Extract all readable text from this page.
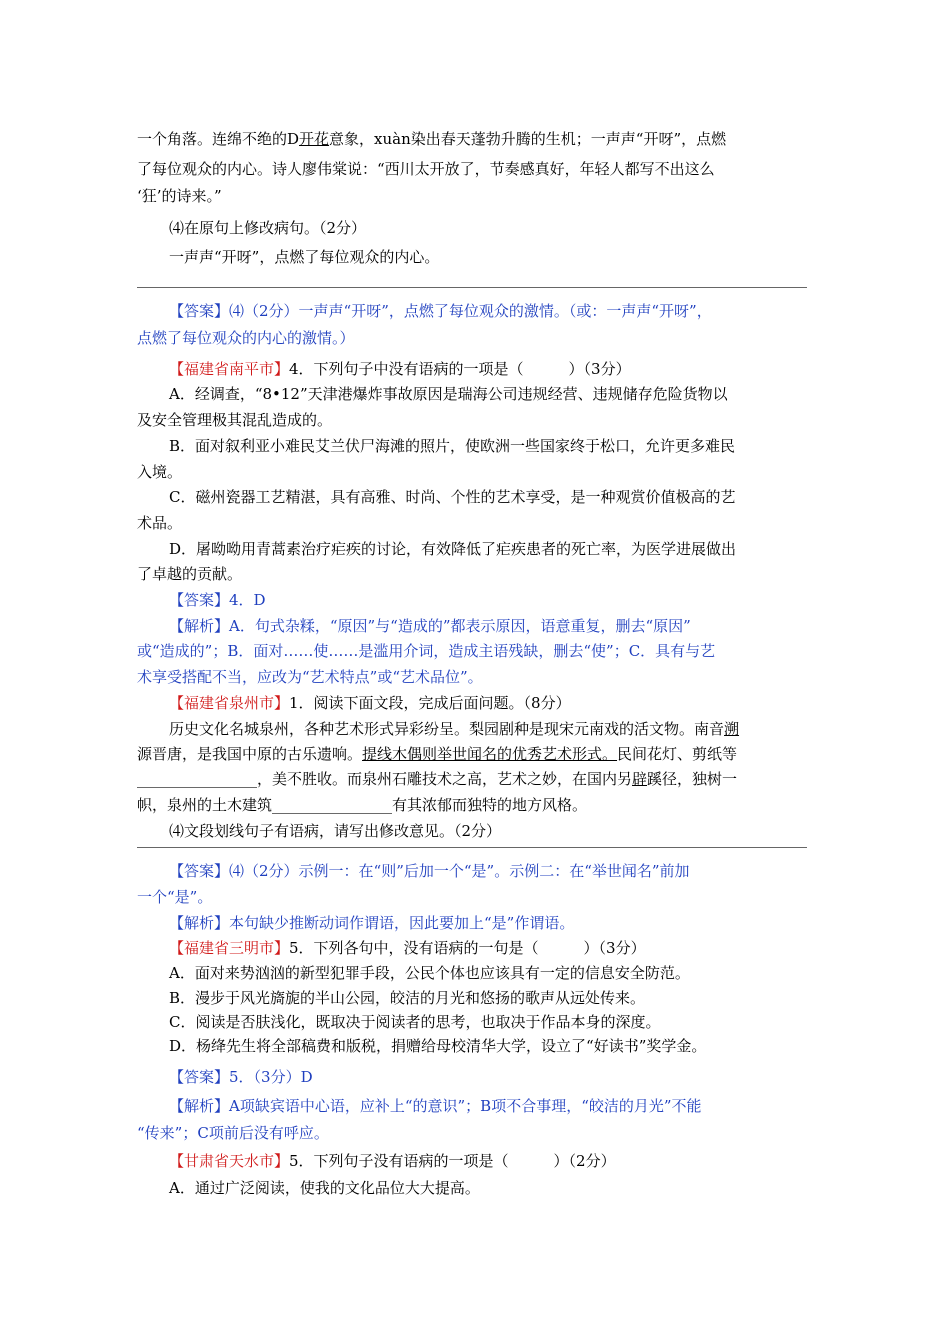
一个角落。连绵不绝的D开花意象，xuàn染出春天蓬勃升腾的生机；一声声“开呀”，点燃
了每位观众的内心。诗人廖伟棠说：“西川太开放了，节奏感真好，年轻人都写不出这么
‘狂’的诗来。”
⑷在原句上修改病句。（2分）
一声声“开呀”，点燃了每位观众的内心。
【答案】⑷（2分）一声声“开呀”，点燃了每位观众的激情。（或：一声声“开呀”，
点燃了每位观众的内心的激情。）
【福建省南平市】4．下列句子中没有语病的一项是（　　　）（3分）
A．经调查，“8•12”天津港爆炸事故原因是瑞海公司违规经营、违规储存危险货物以
及安全管理极其混乱造成的。
B．面对叙利亚小难民艾兰伏尸海滩的照片，使欧洲一些国家终于松口，允许更多难民
入境。
C．磁州瓷器工艺精湛，具有高雅、时尚、个性的艺术享受，是一种观赏价值极高的艺
术品。
D．屠呦呦用青蒿素治疗疟疾的讨论，有效降低了疟疾患者的死亡率，为医学进展做出
了卓越的贡献。
【答案】4．D
【解析】A．句式杂糅，“原因”与“造成的”都表示原因，语意重复，删去“原因”
或“造成的”；B．面对……使……是滥用介词，造成主语残缺，删去“使”；C．具有与艺
术享受搭配不当，应改为“艺术特点”或“艺术品位”。
【福建省泉州市】1．阅读下面文段，完成后面问题。（8分）
历史文化名城泉州，各种艺术形式异彩纷呈。梨园剧种是现宋元南戏的活文物。南音溯
源晋唐，是我国中原的古乐遗响。提线木偶则举世闻名的优秀艺术形式。民间花灯、剪纸等
________________，美不胜收。而泉州石雕技术之高，艺术之妙，在国内另辟蹊径，独树一
帜，泉州的土木建筑________________有其浓郁而独特的地方风格。
⑷文段划线句子有语病，请写出修改意见。（2分）
【答案】⑷（2分）示例一：在“则”后加一个“是”。示例二：在“举世闻名”前加
一个“是”。
【解析】本句缺少推断动词作谓语，因此要加上“是”作谓语。
【福建省三明市】5．下列各句中，没有语病的一句是（　　　）（3分）
A．面对来势汹汹的新型犯罪手段，公民个体也应该具有一定的信息安全防范。
B．漫步于风光旖旎的半山公园，皎洁的月光和悠扬的歌声从远处传来。
C．阅读是否肤浅化，既取决于阅读者的思考，也取决于作品本身的深度。
D．杨绛先生将全部稿费和版税，捐赠给母校清华大学，设立了“好读书”奖学金。
【答案】5．（3分）D
【解析】A项缺宾语中心语，应补上“的意识”；B项不合事理，“皎洁的月光”不能
“传来”；C项前后没有呼应。
【甘肃省天水市】5．下列句子没有语病的一项是（　　　）（2分）
A．通过广泛阅读，使我的文化品位大大提高。
